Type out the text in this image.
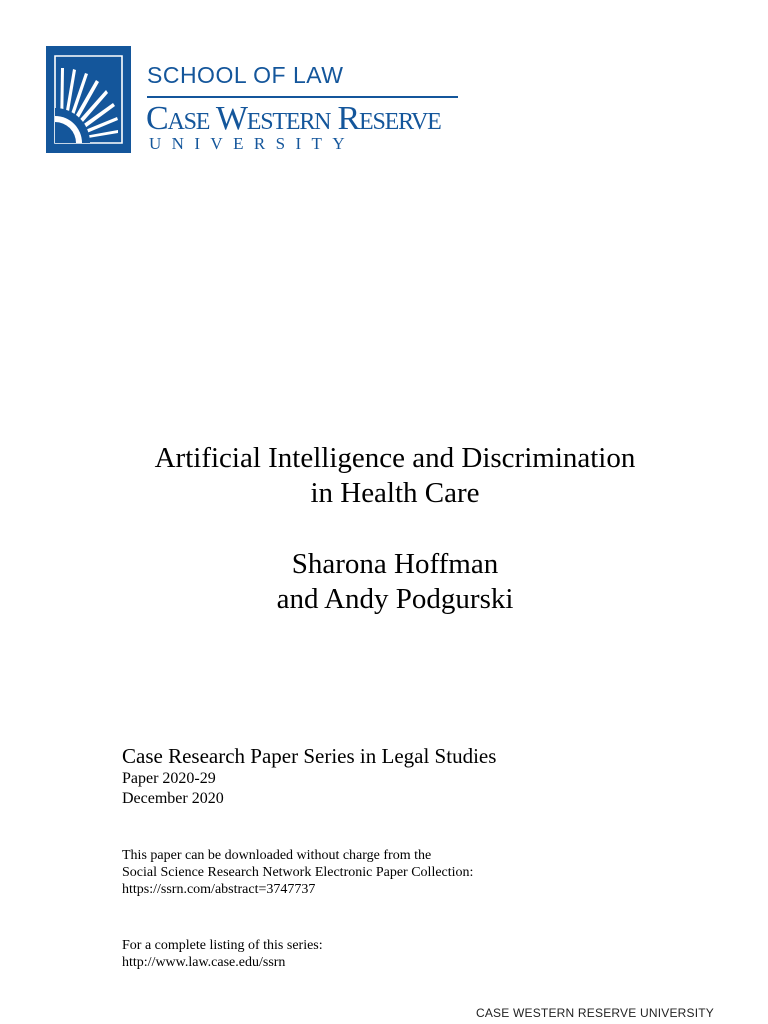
SCHOOL OF LAW
Case Western Reserve
UNIVERSITY
Artificial Intelligence and Discrimination
in Health Care
Sharona Hoffman
and Andy Podgurski
Case Research Paper Series in Legal Studies
Paper 2020-29
December 2020
This paper can be downloaded without charge from the
Social Science Research Network Electronic Paper Collection:
https://ssrn.com/abstract=3747737
For a complete listing of this series:
http://www.law.case.edu/ssrn
CASE WESTERN RESERVE UNIVERSITY
